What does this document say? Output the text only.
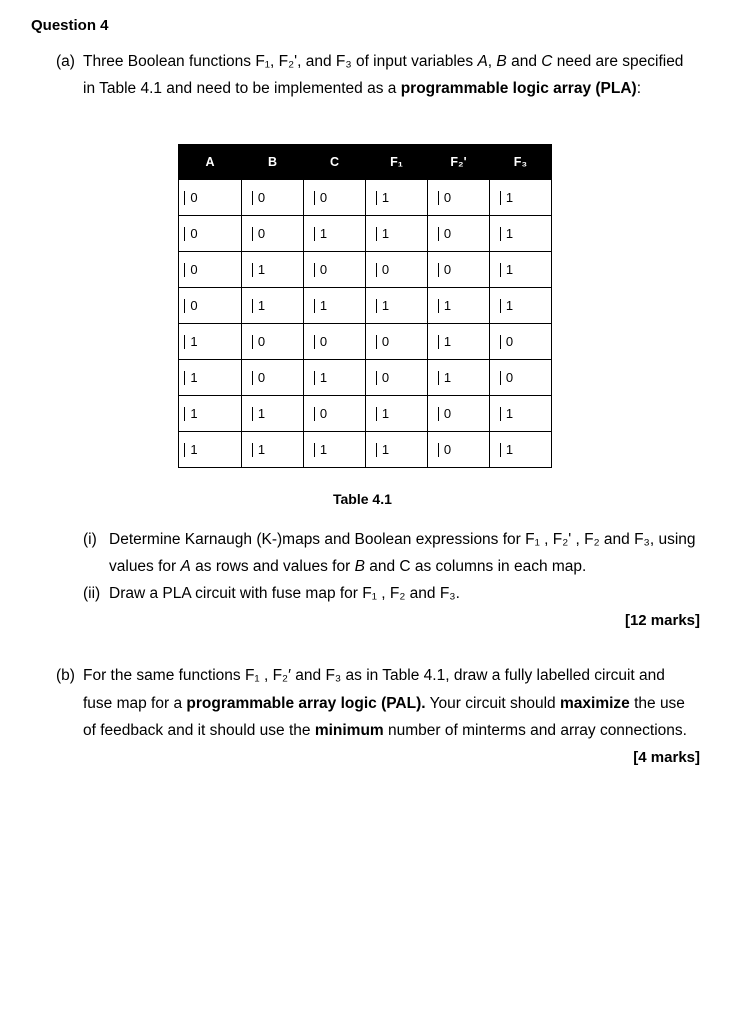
Question 4
(a) Three Boolean functions F₁, F₂', and F₃ of input variables A, B and C need are specified
in Table 4.1 and need to be implemented as a programmable logic array (PLA):
A	B	C	F₁	F₂'	F₃
0	0	0	1	0	1
0	0	1	1	0	1
0	1	0	0	0	1
0	1	1	1	1	1
1	0	0	0	1	0
1	0	1	0	1	0
1	1	0	1	0	1
1	1	1	1	0	1
Table 4.1
(i) Determine Karnaugh (K-)maps and Boolean expressions for F₁ , F₂' , F₂ and F₃, using
values for A as rows and values for B and C as columns in each map.
(ii) Draw a PLA circuit with fuse map for F₁ , F₂ and F₃.
[12 marks]
(b) For the same functions F₁ , F₂′ and F₃ as in Table 4.1, draw a fully labelled circuit and
fuse map for a programmable array logic (PAL). Your circuit should maximize the use
of feedback and it should use the minimum number of minterms and array connections.
[4 marks]
